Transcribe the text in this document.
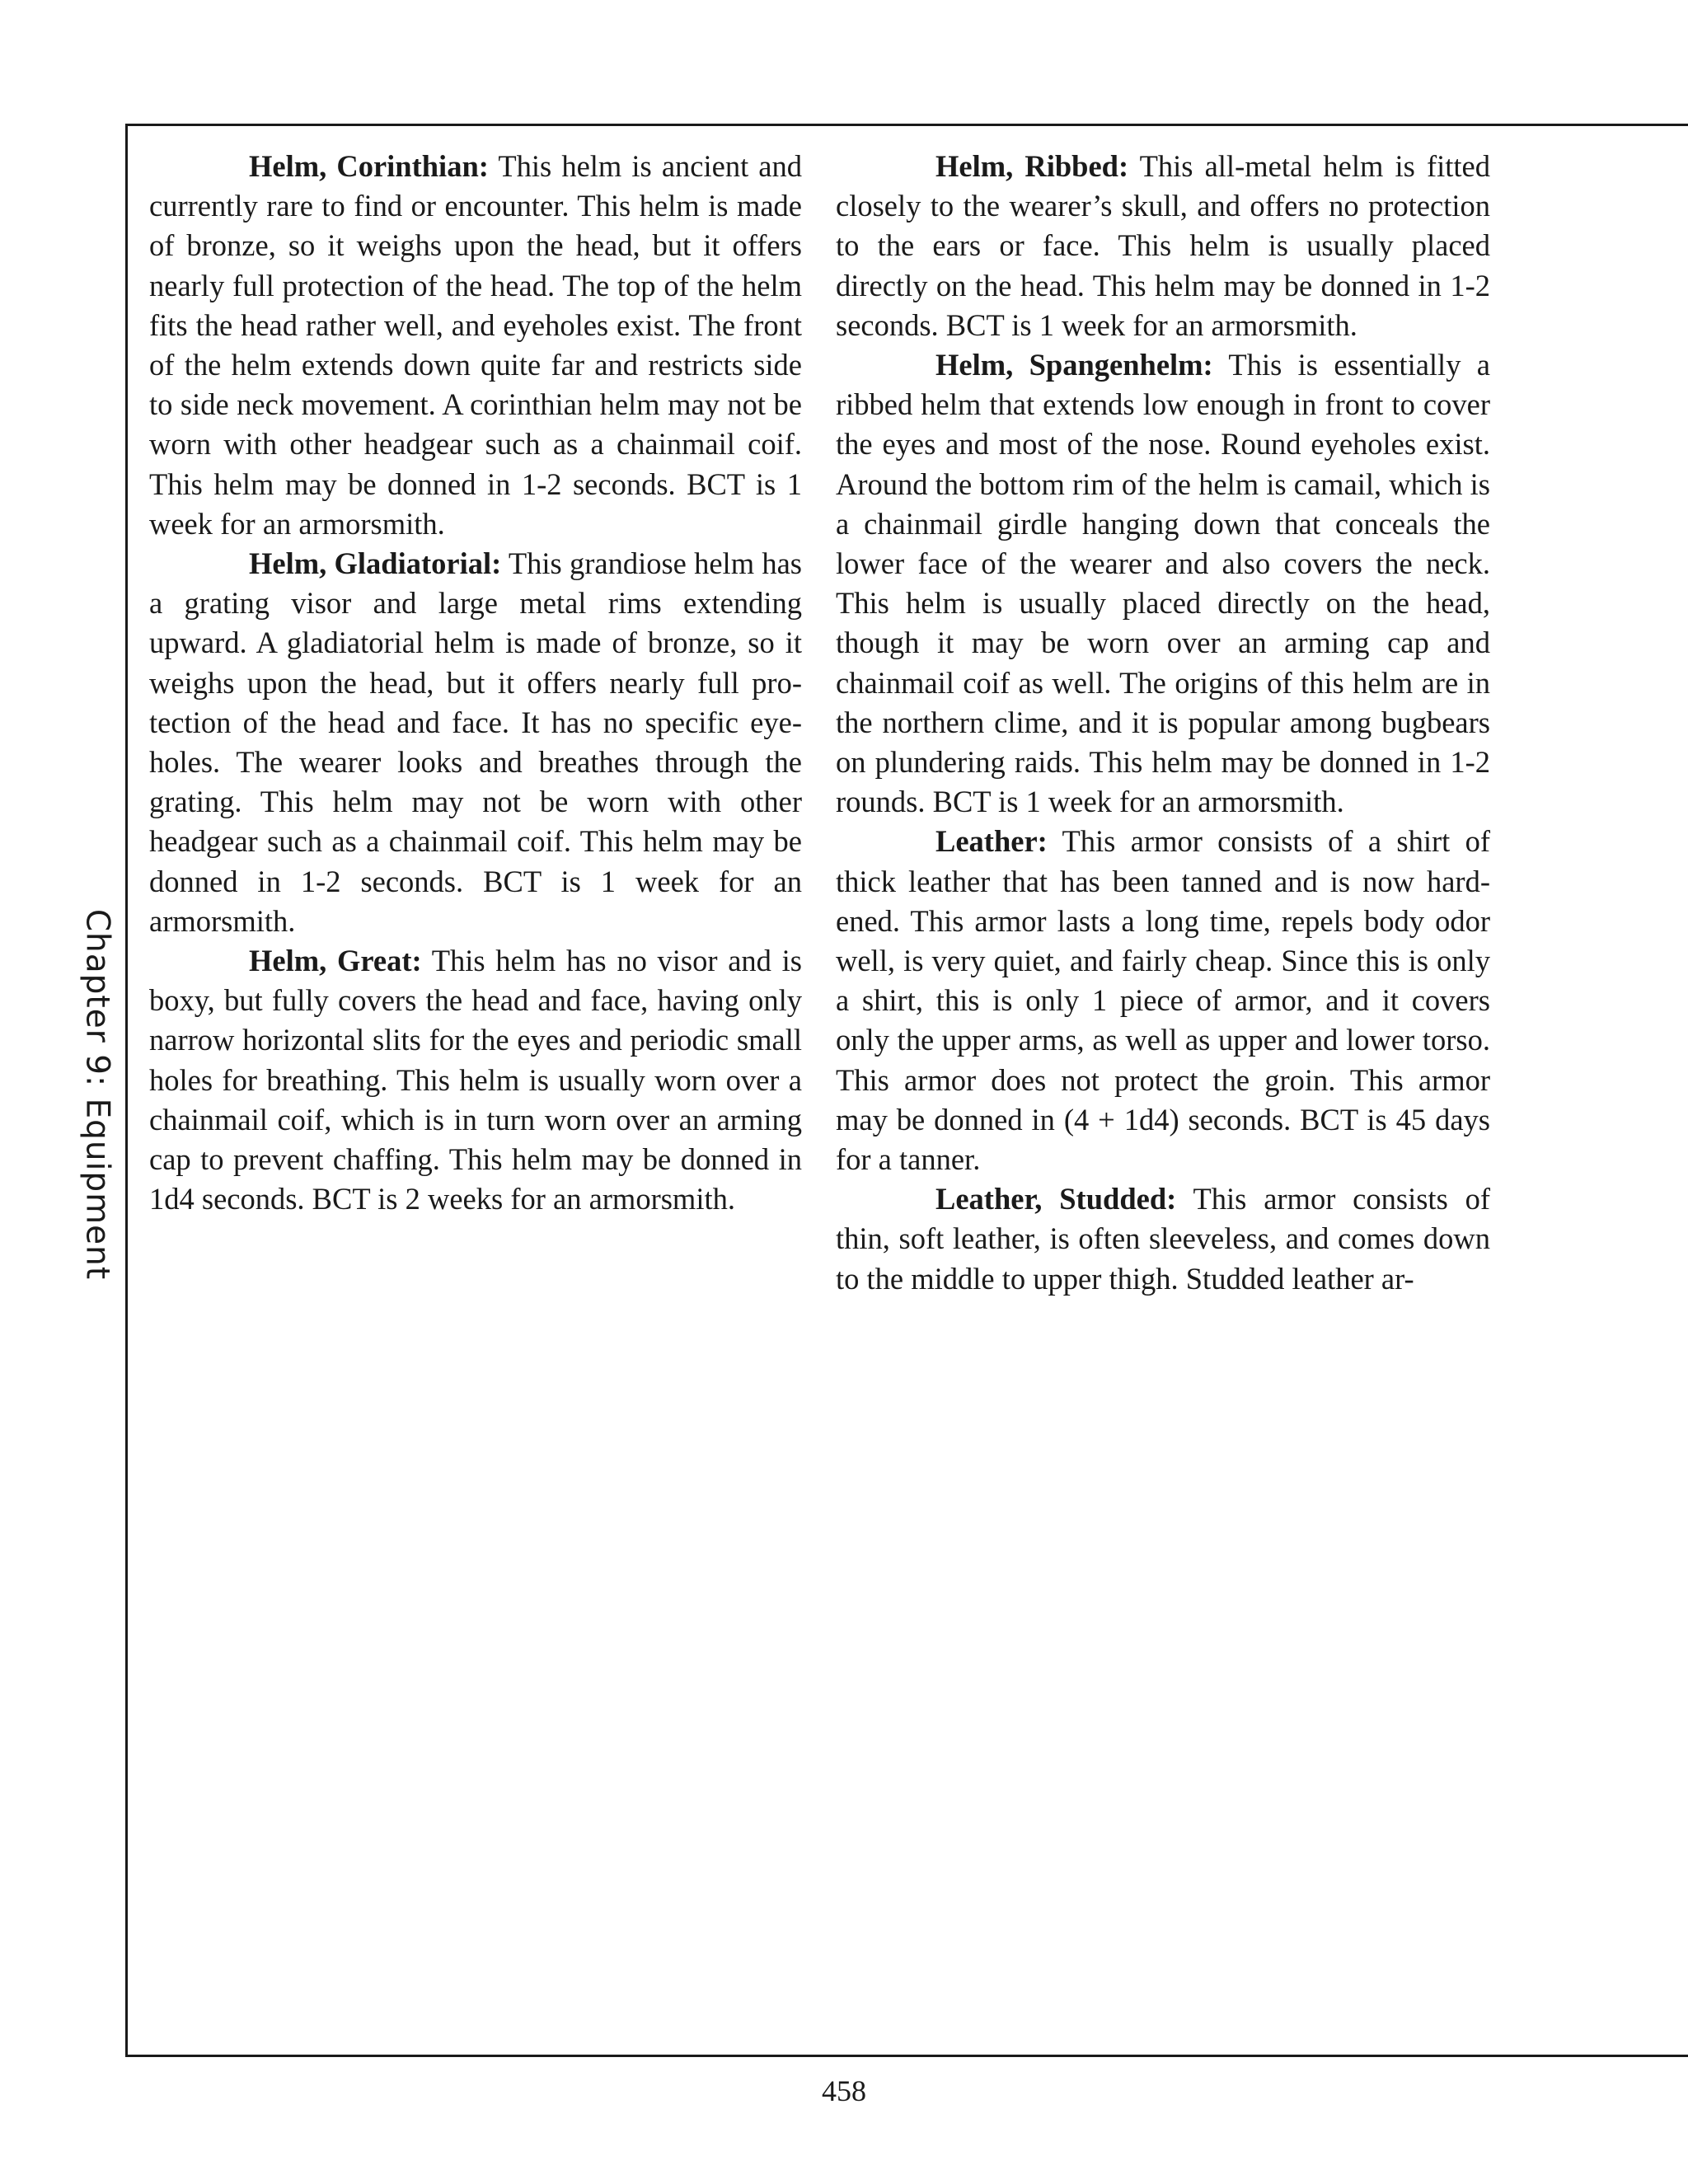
Chapter 9: Equipment

Helm, Corinthian: This helm is ancient and currently rare to find or encounter. This helm is made of bronze, so it weighs upon the head, but it offers nearly full protection of the head. The top of the helm fits the head rather well, and eyeholes exist. The front of the helm extends down quite far and restricts side to side neck movement. A corinthian helm may not be worn with other headgear such as a chainmail coif. This helm may be donned in 1-2 seconds. BCT is 1 week for an armorsmith.

Helm, Gladiatorial: This grandiose helm has a grating visor and large metal rims extending upward. A gladiatorial helm is made of bronze, so it weighs upon the head, but it offers nearly full protection of the head and face. It has no specific eyeholes. The wearer looks and breathes through the grating. This helm may not be worn with other headgear such as a chainmail coif. This helm may be donned in 1-2 seconds. BCT is 1 week for an armorsmith.

Helm, Great: This helm has no visor and is boxy, but fully covers the head and face, having only narrow horizontal slits for the eyes and periodic small holes for breathing. This helm is usually worn over a chainmail coif, which is in turn worn over an arming cap to prevent chaffing. This helm may be donned in 1d4 seconds. BCT is 2 weeks for an armorsmith.

Helm, Ribbed: This all-metal helm is fitted closely to the wearer’s skull, and offers no protection to the ears or face. This helm is usually placed directly on the head. This helm may be donned in 1-2 seconds. BCT is 1 week for an armorsmith.

Helm, Spangenhelm: This is essentially a ribbed helm that extends low enough in front to cover the eyes and most of the nose. Round eyeholes exist. Around the bottom rim of the helm is camail, which is a chainmail girdle hanging down that conceals the lower face of the wearer and also covers the neck. This helm is usually placed directly on the head, though it may be worn over an arming cap and chainmail coif as well. The origins of this helm are in the northern clime, and it is popular among bugbears on plundering raids. This helm may be donned in 1-2 rounds. BCT is 1 week for an armorsmith.

Leather: This armor consists of a shirt of thick leather that has been tanned and is now hardened. This armor lasts a long time, repels body odor well, is very quiet, and fairly cheap. Since this is only a shirt, this is only 1 piece of armor, and it covers only the upper arms, as well as upper and lower torso. This armor does not protect the groin. This armor may be donned in (4 + 1d4) seconds. BCT is 45 days for a tanner.

Leather, Studded: This armor consists of thin, soft leather, is often sleeveless, and comes down to the middle to upper thigh. Studded leather ar-

458
